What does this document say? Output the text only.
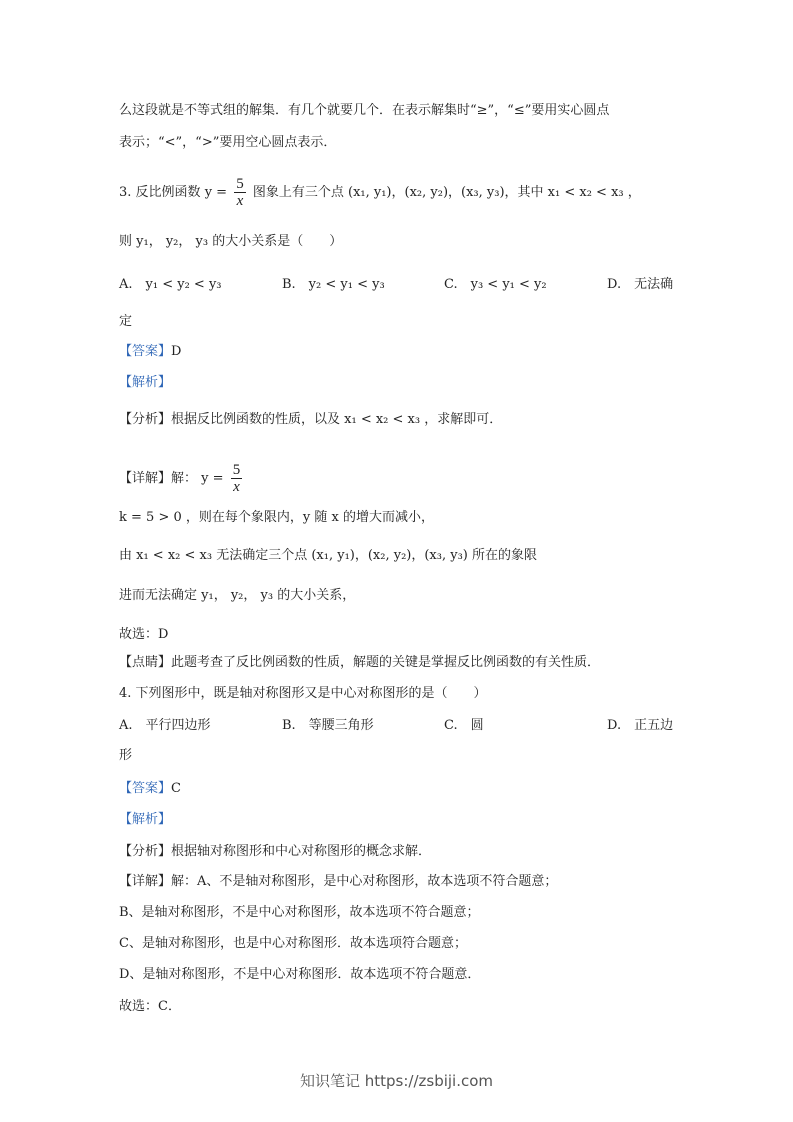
么这段就是不等式组的解集．有几个就要几个．在表示解集时“≥”，“≤”要用实心圆点
表示；“<”，“>”要用空心圆点表示．
3. 反比例函数 $y = \frac{5}{x}$ 图象上有三个点 (x₁, y₁)，(x₂, y₂)，(x₃, y₃)，其中 x₁ < x₂ < x₃ ，
则 y₁， y₂， y₃ 的大小关系是（　　）
A.　y₁ < y₂ < y₃	B.　y₂ < y₁ < y₃	C.　y₃ < y₁ < y₂	D.　无法确
定
【答案】D
【解析】
【分析】根据反比例函数的性质，以及 x₁ < x₂ < x₃ ，求解即可．
【详解】解： $y = \frac{5}{x}$
k = 5 > 0 ，则在每个象限内，y 随 x 的增大而减小，
由 x₁ < x₂ < x₃ 无法确定三个点 (x₁, y₁)，(x₂, y₂)，(x₃, y₃) 所在的象限
进而无法确定 y₁， y₂， y₃ 的大小关系，
故选：D
【点睛】此题考查了反比例函数的性质，解题的关键是掌握反比例函数的有关性质．
4. 下列图形中，既是轴对称图形又是中心对称图形的是（　　）
A.　平行四边形	B.　等腰三角形	C.　圆	D.　正五边
形
【答案】C
【解析】
【分析】根据轴对称图形和中心对称图形的概念求解．
【详解】解：A、不是轴对称图形，是中心对称图形，故本选项不符合题意；
B、是轴对称图形，不是中心对称图形，故本选项不符合题意；
C、是轴对称图形，也是中心对称图形．故本选项符合题意；
D、是轴对称图形，不是中心对称图形．故本选项不符合题意．
故选：C．
知识笔记 https://zsbiji.com
